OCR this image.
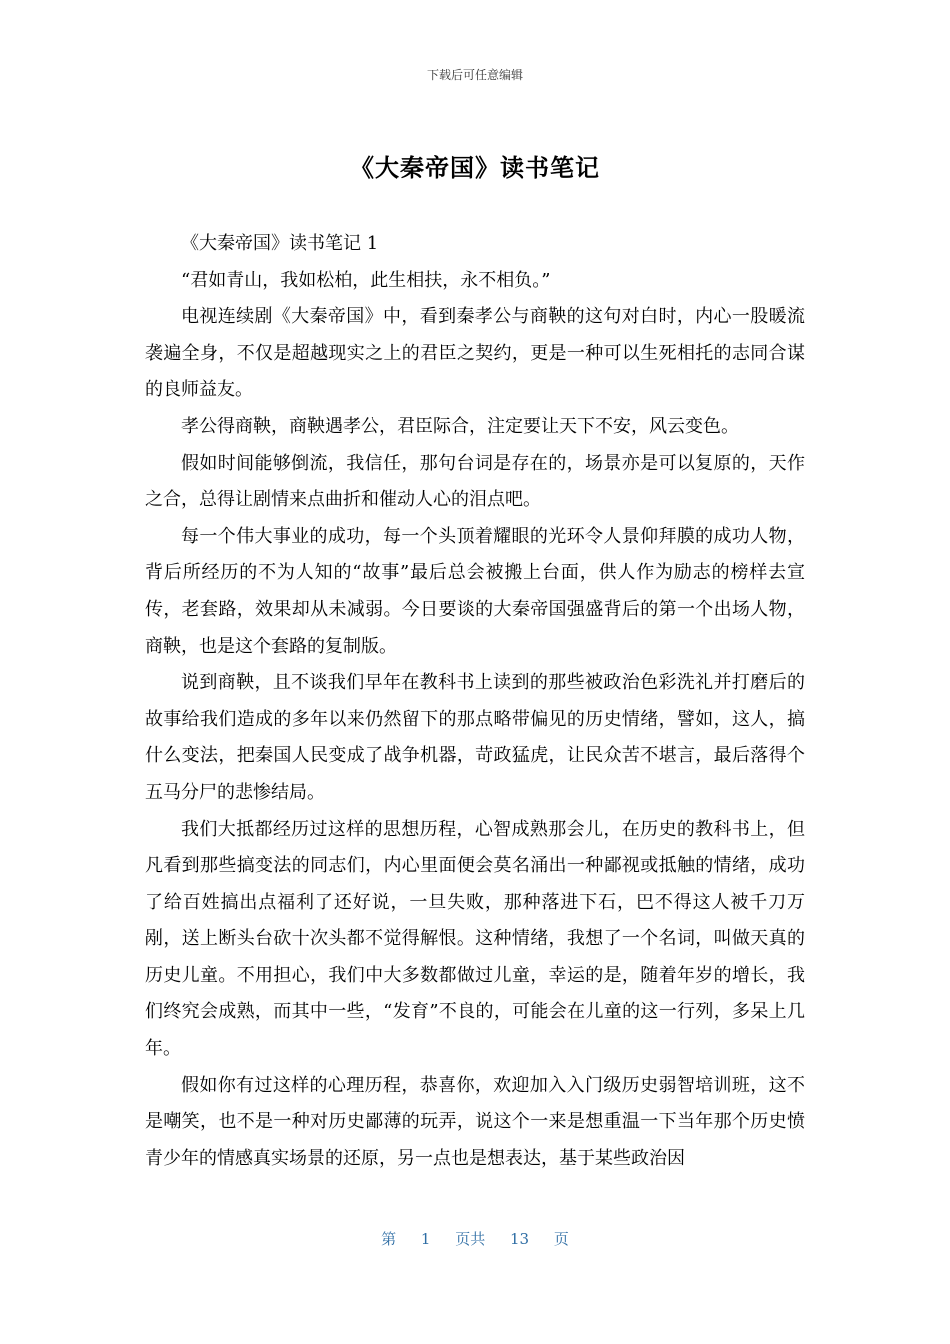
下载后可任意编辑
《大秦帝国》读书笔记

《大秦帝国》读书笔记 1

“君如青山，我如松柏，此生相扶，永不相负。”

电视连续剧《大秦帝国》中，看到秦孝公与商鞅的这句对白时，内心一股暖流袭遍全身，不仅是超越现实之上的君臣之契约，更是一种可以生死相托的志同合谋的良师益友。

孝公得商鞅，商鞅遇孝公，君臣际合，注定要让天下不安，风云变色。

假如时间能够倒流，我信任，那句台词是存在的，场景亦是可以复原的，天作之合，总得让剧情来点曲折和催动人心的泪点吧。

每一个伟大事业的成功，每一个头顶着耀眼的光环令人景仰拜膜的成功人物，背后所经历的不为人知的“故事”最后总会被搬上台面，供人作为励志的榜样去宣传，老套路，效果却从未减弱。今日要谈的大秦帝国强盛背后的第一个出场人物，商鞅，也是这个套路的复制版。

说到商鞅，且不谈我们早年在教科书上读到的那些被政治色彩洗礼并打磨后的故事给我们造成的多年以来仍然留下的那点略带偏见的历史情绪，譬如，这人，搞什么变法，把秦国人民变成了战争机器，苛政猛虎，让民众苦不堪言，最后落得个五马分尸的悲惨结局。

我们大抵都经历过这样的思想历程，心智成熟那会儿，在历史的教科书上，但凡看到那些搞变法的同志们，内心里面便会莫名涌出一种鄙视或抵触的情绪，成功了给百姓搞出点福利了还好说，一旦失败，那种落进下石，巴不得这人被千刀万剐，送上断头台砍十次头都不觉得解恨。这种情绪，我想了一个名词，叫做天真的历史儿童。不用担心，我们中大多数都做过儿童，幸运的是，随着年岁的增长，我们终究会成熟，而其中一些，“发育”不良的，可能会在儿童的这一行列，多呆上几年。

假如你有过这样的心理历程，恭喜你，欢迎加入入门级历史弱智培训班，这不是嘲笑，也不是一种对历史鄙薄的玩弄，说这个一来是想重温一下当年那个历史愤青少年的情感真实场景的还原，另一点也是想表达，基于某些政治因

第 1 页共 13 页
